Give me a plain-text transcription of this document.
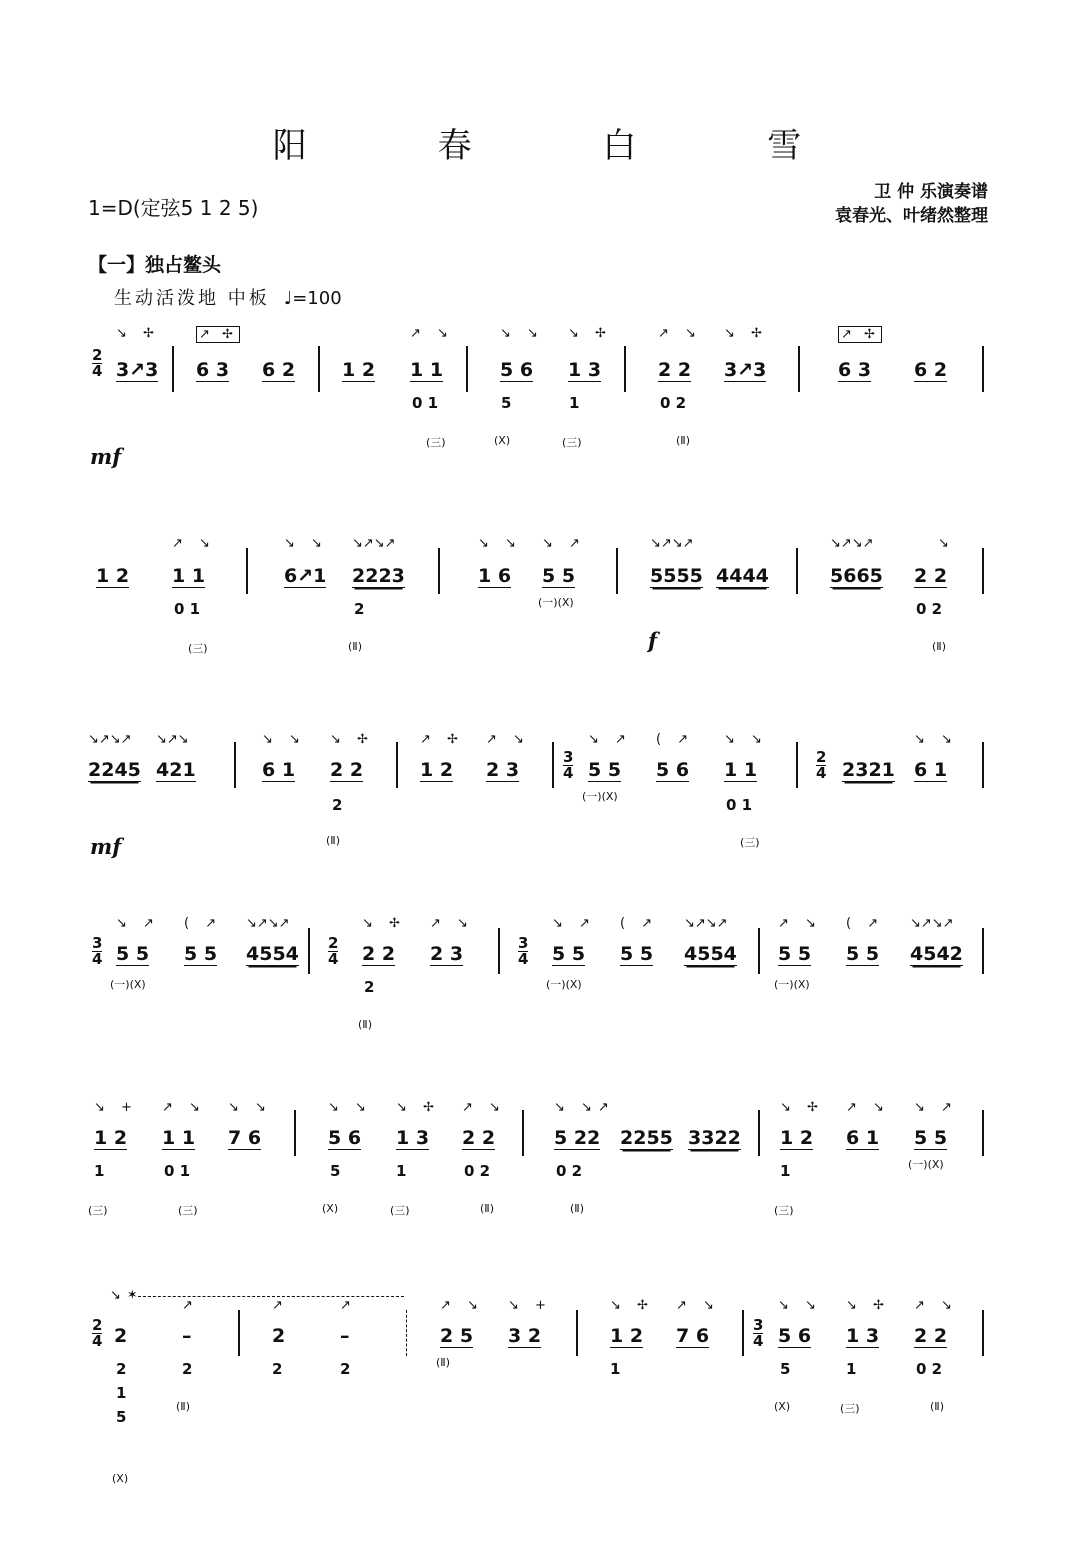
阳 春 白 雪
1=D(定弦5 1 2 5)
卫 仲 乐演奏谱
袁春光、叶绪然整理
【一】独占鳌头
生动活泼地 中板 ♩=100
2
4
↘ ✢
3↗3
↗ ✢
6 3 6 2 1 2
↗ ↘
1 1
0 1
(三)
↘ ↘
5 6
5
(X)
↘ ✢
1 3
1
(三)
↗ ↘
2 2
0 2
(Ⅱ)
↘ ✢
3↗3
↗ ✢
6 3 6 2
mf
1 2
↗ ↘
1 1
0 1
(三)
↘ ↘
6↗1
↘↗↘↗
2223
2
(Ⅱ)
↘ ↘
1 6
↘ ↗
5 5
(一)(X)
↘↗↘↗
5555 4444
f
↘↗↘↗
5665
↘
2 2
0 2
(Ⅱ)
↘↗↘↗
2245
↘↗↘
421
↘ ↘
6 1
↘ ✢
2 2
2
(Ⅱ)
↗ ✢
1 2
↗ ↘
2 3
3
4
↘ ↗
5 5
(一)(X)
( ↗
5 6
↘ ↘
1 1
0 1
(三)
2
4 2321
↘ ↘
6 1
mf
3
4
↘ ↗
5 5
(一)(X)
( ↗
5 5
↘↗↘↗
4554 2
4
↘ ✢
2 2
2
(Ⅱ)
↗ ↘
2 3	3
4
↘ ↗
5 5
(一)(X)
( ↗
5 5
↘↗↘↗
4554
↗ ↘
5 5
(一)(X)
( ↗
5 5
↘↗↘↗
4542
↘ +
1 2
1
(三)
↗ ↘
1 1
0 1
(三)
↘ ↘
7 6
↘ ↘
5 6
5
(X)
↘ ✢
1 3
1
(三)
↗ ↘
2 2
0 2
(Ⅱ)
↘ ↘↗
5 22
0 2
(Ⅱ)
2255 3322
↘ ✢
1 2
1
(三)
↗ ↘
6 1
↘ ↗
5 5
(一)(X)
2
4
↘✶
2
2
1
5
(X)
↗
–
2
(Ⅱ)
↗
2
2
↗
–
2
↗ ↘
2 5
(Ⅱ)
↘ +
3 2
↘ ✢
1 2
1
↗ ↘
7 6	3
4
↘ ↘
5 6
5
(X)
↘ ✢
1 3
1
(三)
↗ ↘
2 2
0 2
(Ⅱ)
